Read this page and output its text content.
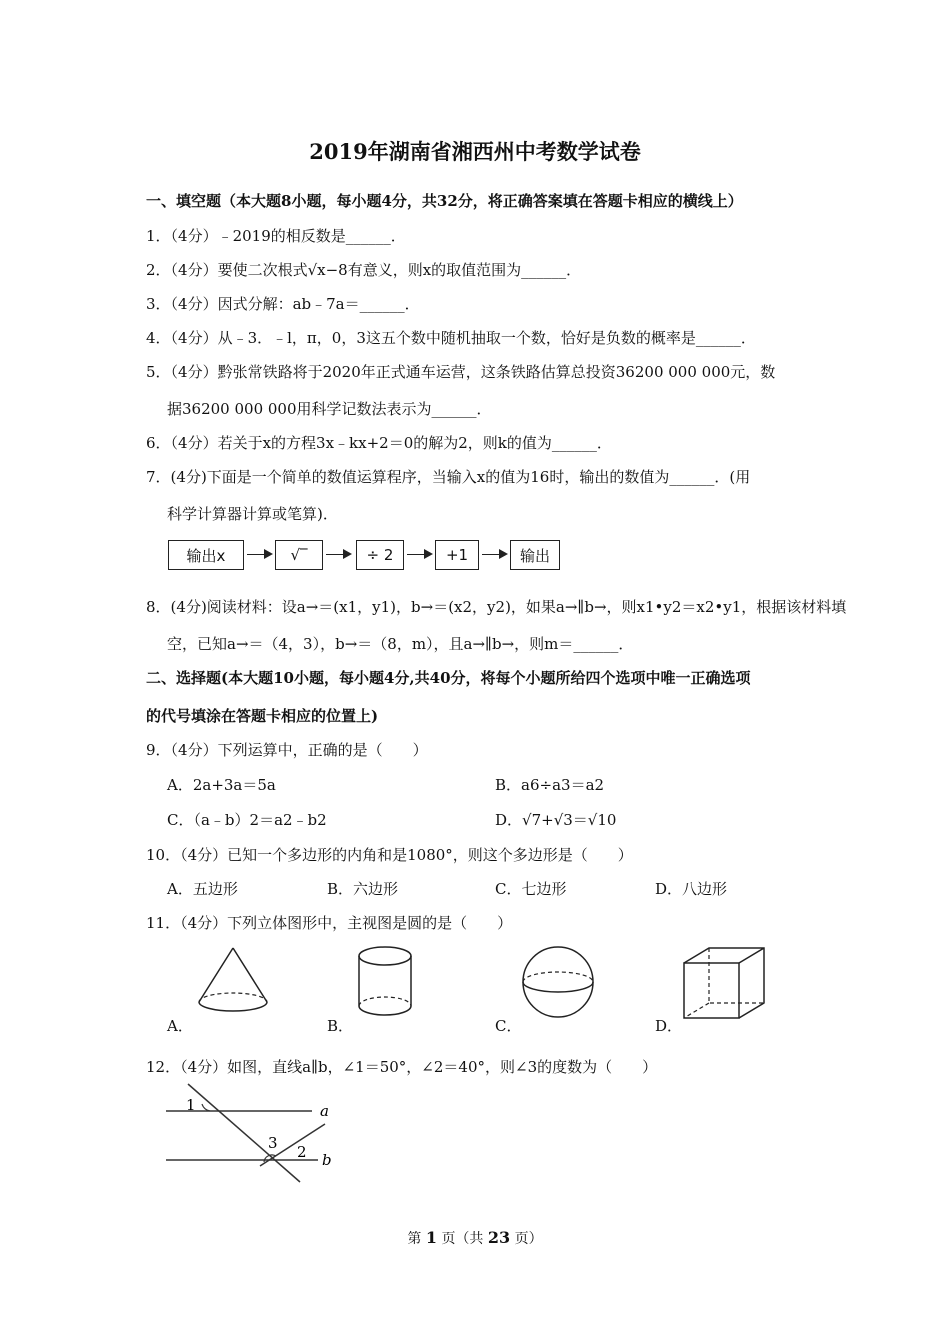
2019年湖南省湘西州中考数学试卷
一、填空题（本大题8小题，每小题4分，共32分，将正确答案填在答题卡相应的横线上）
1．（4分）﹣2019的相反数是______．
2．（4分）要使二次根式√x−8有意义，则x的取值范围为______．
3．（4分）因式分解：ab﹣7a＝______．
4．（4分）从﹣3．﹣l，π，0，3这五个数中随机抽取一个数，恰好是负数的概率是______．
5．（4分）黔张常铁路将于2020年正式通车运营，这条铁路估算总投资36200 000 000元，数
据36200 000 000用科学记数法表示为______．
6．（4分）若关于x的方程3x﹣kx+2＝0的解为2，则k的值为______．
7．(4分)下面是一个简单的数值运算程序，当输入x的值为16时，输出的数值为______．(用
科学计算器计算或笔算)．
输出x	√‾	÷ 2	+1	输出
8．(4分)阅读材料：设a→＝(x1，y1)，b→＝(x2，y2)，如果a→∥b→，则x1•y2＝x2•y1，根据该材料填
空，已知a→＝（4，3），b→＝（8，m），且a→∥b→，则m＝______．
二、选择题(本大题10小题，每小题4分,共40分，将每个小题所给四个选项中唯一正确选项
的代号填涂在答题卡相应的位置上)
9．（4分）下列运算中，正确的是（　　）
A．2a+3a＝5a	B．a6÷a3＝a2
C．（a﹣b）2＝a2﹣b2	D．√7+√3＝√10
10．（4分）已知一个多边形的内角和是1080°，则这个多边形是（　　）
A．五边形	B．六边形	C．七边形	D．八边形
11．（4分）下列立体图形中，主视图是圆的是（　　）
A．	B．	C．	D．
12．（4分）如图，直线a∥b，∠1＝50°，∠2＝40°，则∠3的度数为（　　）
1
3 2
a
b
第 1 页（共 23 页）
